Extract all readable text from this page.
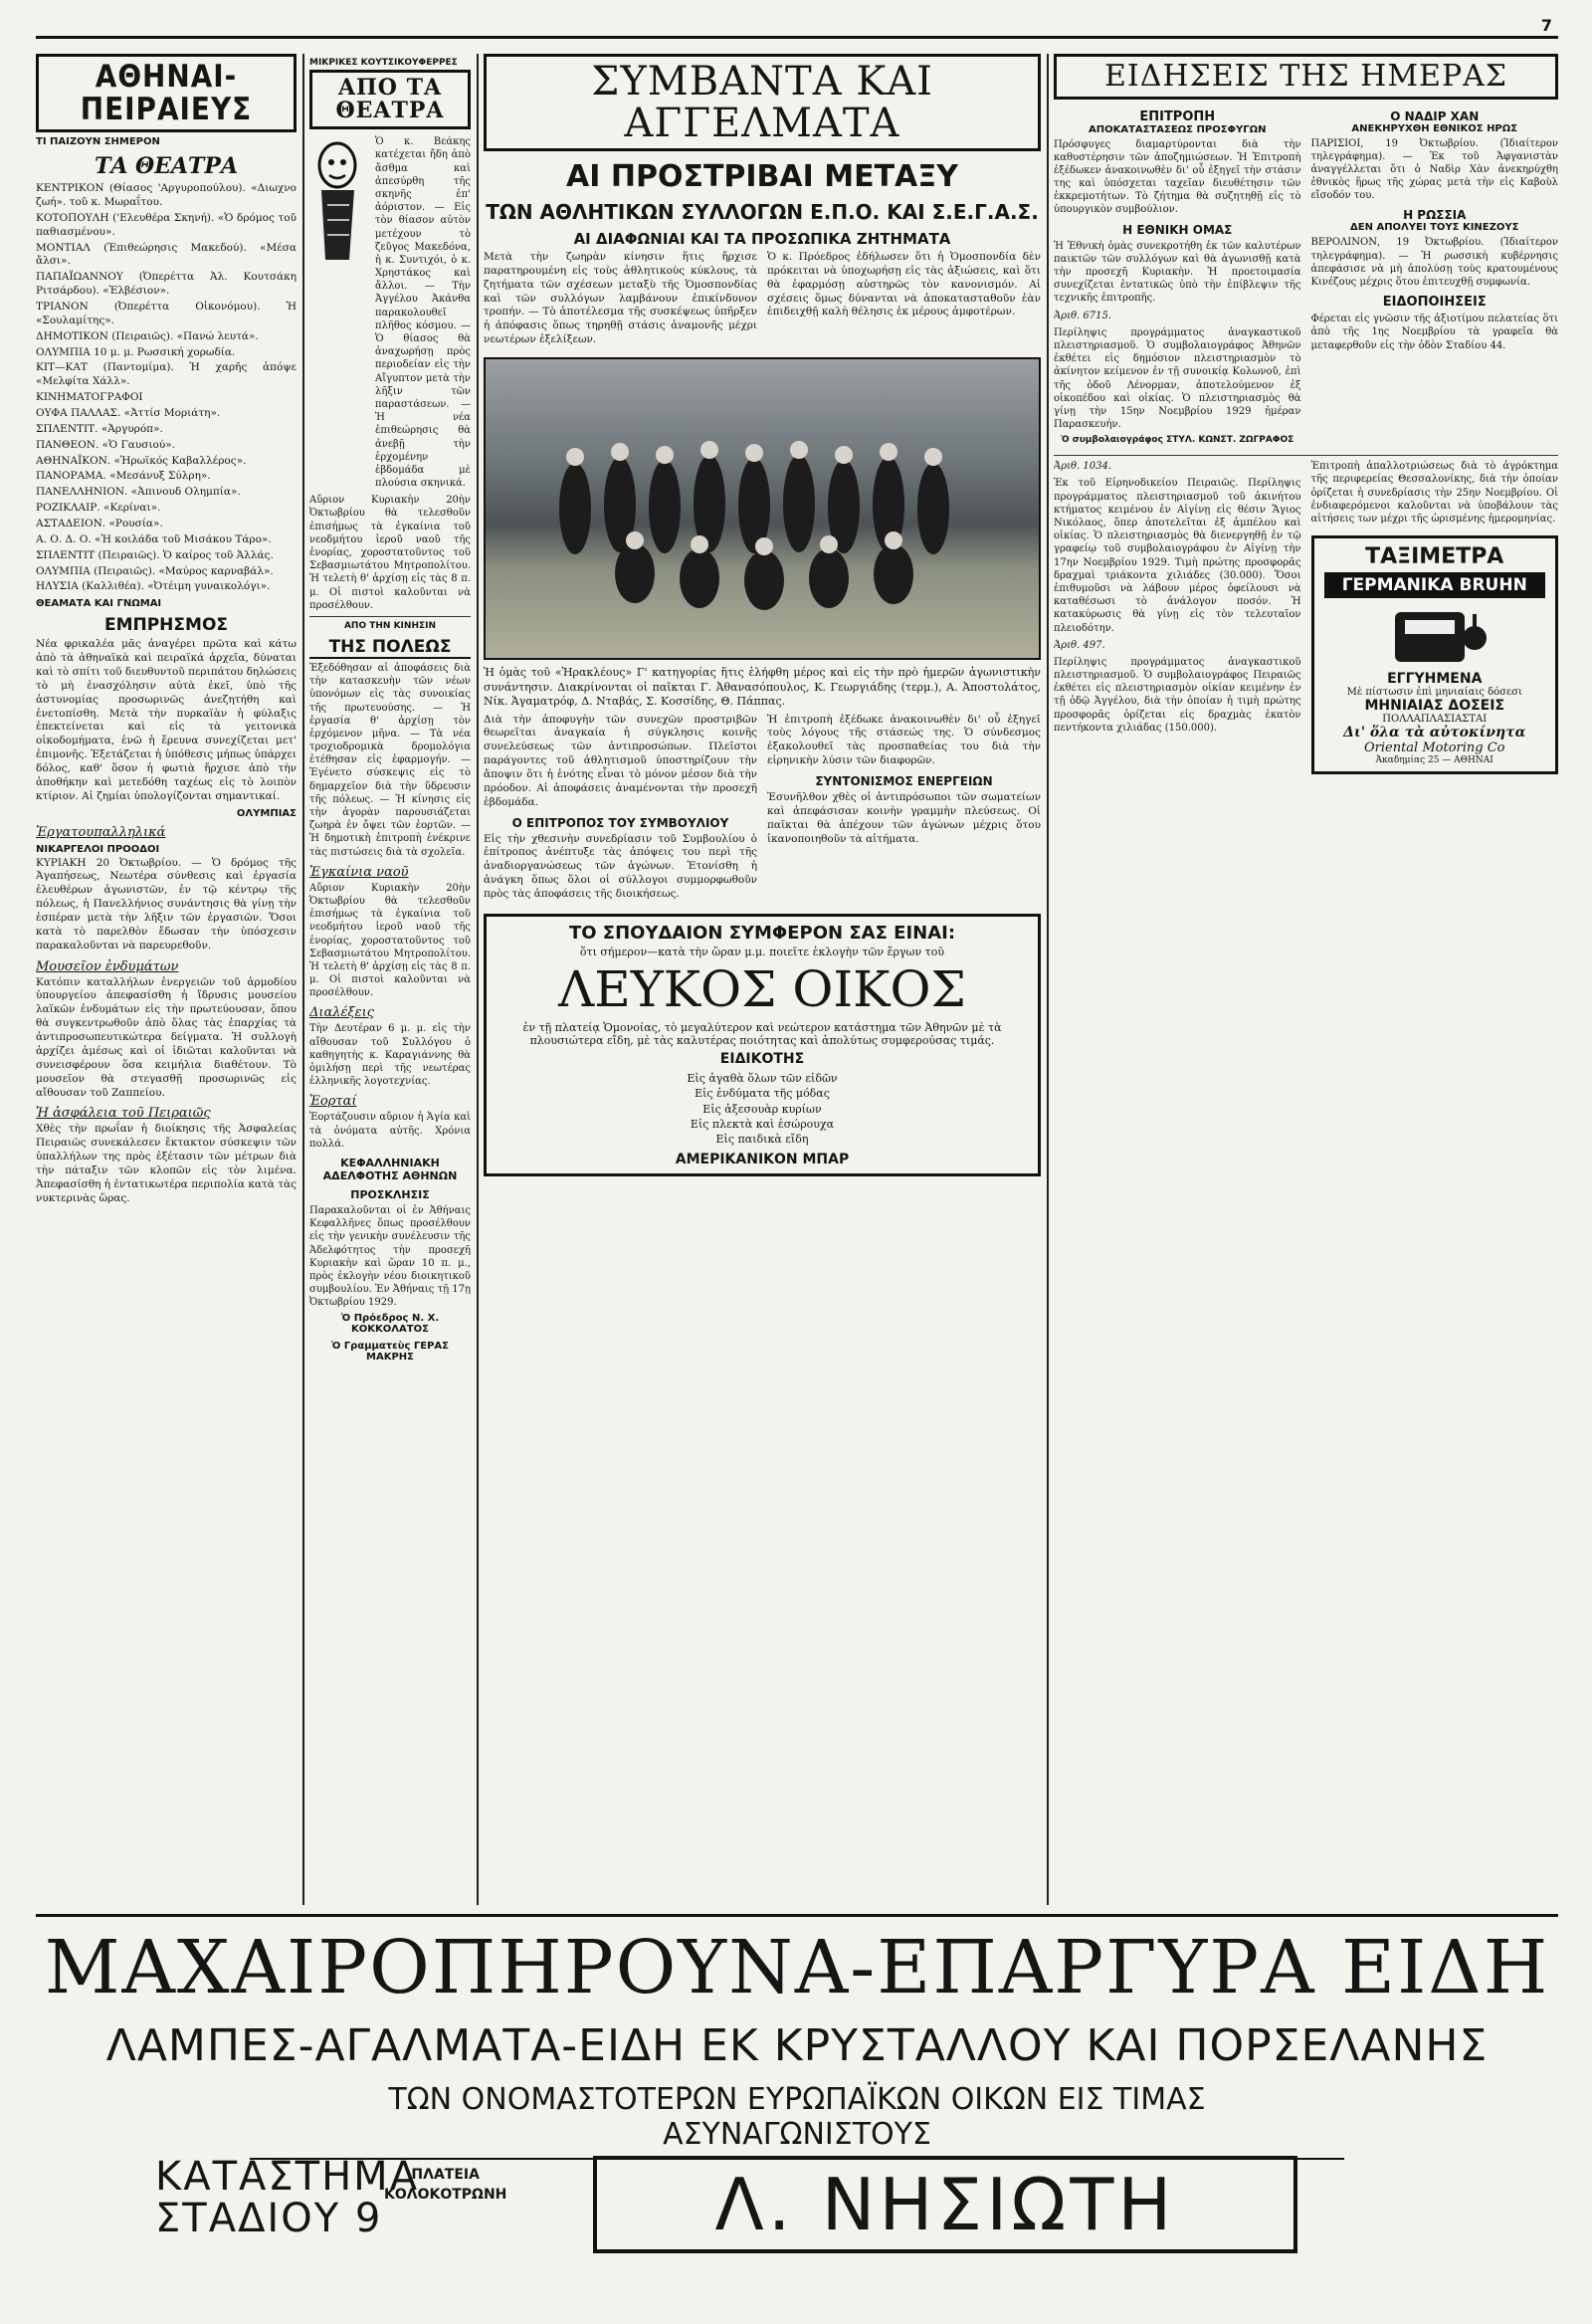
7
ΑΘΗΝΑΙ-ΠΕΙΡΑΙΕΥΣ
ΤΙ ΠΑΙΖΟΥΝ ΣΗΜΕΡΟΝ
ΤΑ ΘΕΑΤΡΑ
ΚΕΝΤΡΙΚΟΝ (Θίασος 'Αργυροπούλου). «Διωχνο ζωή». τοῦ κ. Μωραΐτου.
ΚΟΤΟΠΟΥΛΗ ('Ελευθέρα Σκηνή). «Ὁ δρόμος τοῦ παθιασμένου».
ΜΟΝΤΙΑΛ (Ἐπιθεώρησις Μακεδού). «Μέσα ἄλσι».
ΠΑΠΑΪΩΑΝΝΟΥ (Ὀπερέττα Ἀλ. Κουτσάκη Ριτσάρδου). «Ἑλβέσιον».
ΤΡΙΑΝΟΝ (Ὀπερέττα Οἰκονόμου). Ἡ «Σουλαμίτης».
ΔΗΜΟΤΙΚΟΝ (Πειραιῶς). «Πανώ λευτά».
ΟΛΥΜΠΙΑ 10 μ. μ. Ρωσσική χορωδία.
ΚΙΤ—ΚΑΤ (Παντομίμα). Ἡ χαρῆς ἀπόψε «Μελφίτα Χάλλ».
ΚΙΝΗΜΑΤΟΓΡΑΦΟΙ
ΟΥΦΑ ΠΑΛΛΑΣ. «Ἀττίσ Μοριάτη».
ΣΠΛΕΝΤΙΤ. «Ἀργυρόπ».
ΠΑΝΘΕΟΝ. «Ὁ Γαυσιού».
ΑΘΗΝΑΪΚΟΝ. «Ἡρωϊκός Καβαλλέρος».
ΠΑΝΟΡΑΜΑ. «Μεσάνυξ Σύλρη».
ΠΑΝΕΛΛΗΝΙΟΝ. «Ἀπινουδ Ολημπία».
ΡΟΖΙΚΛΑΙΡ. «Κερίναι».
ΑΣΤΑΔΕΙΟΝ. «Ρουσία».
Α. Ο. Δ. Ο. «Ἡ κοιλάδα τοῦ Μισάκου Τάρο».
ΣΠΛΕΝΤΙΤ (Πειραιῶς). Ὁ καίρος τοῦ Ἀλλάς.
ΟΛΥΜΠΙΑ (Πειραιῶς). «Μαύρος καρναβάλ».
ΗΛΥΣΙΑ (Καλλιθέα). «Ὀτέιμη γυναικολόγι».
ΘΕΑΜΑΤΑ ΚΑΙ ΓΝΩΜΑΙ
ΕΜΠΡΗΣΜΟΣ
Νέα φρικαλέα μᾶς ἀναγέρει πρῶτα καὶ κάτω ἀπὸ τὰ ἀθηναϊκὰ καὶ πειραϊκά ἀρχεῖα, δύναται καὶ τὸ σπίτι τοῦ διευθυντοῦ περιπάτου δηλώσεις τὸ μὴ ἐνασχόλησιν αὐτὰ ἐκεῖ, ὑπὸ τῆς ἀστυνομίας προσωρινῶς ἀνεζητήθη καὶ ἐνετοπίσθη. Μετὰ τὴν πυρκαϊὰν ἡ φύλαξις ἐπεκτείνεται καὶ εἰς τὰ γειτονικὰ οἰκοδομήματα, ἐνῶ ἡ ἔρευνα συνεχίζεται μετ' ἐπιμονῆς. Ἐξετάζεται ἡ ὑπόθεσις μήπως ὑπάρχει δόλος, καθ' ὅσον ἡ φωτιὰ ἤρχισε ἀπὸ τὴν ἀποθήκην καὶ μετεδόθη ταχέως εἰς τὸ λοιπὸν κτίριον. Αἱ ζημίαι ὑπολογίζονται σημαντικαί.
ΟΛΥΜΠΙΑΣ
Ἐργατουπαλληλικά
ΝΙΚΑΡΓΕΛΟΙ ΠΡΟΟΔΟΙ
ΚΥΡΙΑΚΗ 20 Ὀκτωβρίου. — Ὁ δρόμος τῆς Ἀγαπήσεως, Νεωτέρα σύνθεσις καὶ ἐργασία ἐλευθέρων ἀγωνιστῶν, ἐν τῷ κέντρῳ τῆς πόλεως, ἡ Πανελλήνιος συνάντησις θὰ γίνῃ τὴν ἑσπέραν μετὰ τὴν λῆξιν τῶν ἐργασιῶν. Ὅσοι κατὰ τὸ παρελθὸν ἔδωσαν τὴν ὑπόσχεσιν παρακαλοῦνται νὰ παρευρεθοῦν.
Μουσεῖον ἐνδυμάτων
Κατόπιν καταλλήλων ἐνεργειῶν τοῦ ἁρμοδίου ὑπουργείου ἀπεφασίσθη ἡ ἵδρυσις μουσείου λαϊκῶν ἐνδυμάτων εἰς τὴν πρωτεύουσαν, ὅπου θὰ συγκεντρωθοῦν ἀπὸ ὅλας τὰς ἐπαρχίας τὰ ἀντιπροσωπευτικώτερα δείγματα. Ἡ συλλογὴ ἀρχίζει ἀμέσως καὶ οἱ ἰδιῶται καλοῦνται νὰ συνεισφέρουν ὅσα κειμήλια διαθέτουν. Τὸ μουσεῖον θὰ στεγασθῇ προσωρινῶς εἰς αἴθουσαν τοῦ Ζαππείου.
Ἡ ἀσφάλεια τοῦ Πειραιῶς
Χθὲς τὴν πρωΐαν ἡ διοίκησις τῆς Ἀσφαλείας Πειραιῶς συνεκάλεσεν ἔκτακτον σύσκεψιν τῶν ὑπαλλήλων της πρὸς ἐξέτασιν τῶν μέτρων διὰ τὴν πάταξιν τῶν κλοπῶν εἰς τὸν λιμένα. Ἀπεφασίσθη ἡ ἐντατικωτέρα περιπολία κατὰ τὰς νυκτερινὰς ὥρας.
ΜΙΚΡΙΚΕΣ ΚΟΥΤΣΙΚΟΥΦΕΡΡΕΣ
ΑΠΟ ΤΑ ΘΕΑΤΡΑ
Ὁ κ. Βεάκης κατέχεται ἤδη ἀπὸ ἄσθμα καὶ ἀπεσύρθη τῆς σκηνῆς ἐπ' ἀόριστον. — Εἰς τὸν θίασον αὐτὸν μετέχουν τὸ ζεῦγος Μακεδόνα, ἡ κ. Συντιχόι, ὁ κ. Χρηστάκος καὶ ἄλλοι. — Τὴν Ἀγγέλου Ἀκάνθα παρακολουθεῖ πλῆθος κόσμου. — Ὁ θίασος θὰ ἀναχωρήσῃ πρὸς περιοδείαν εἰς τὴν Αἴγυπτον μετὰ τὴν λῆξιν τῶν παραστάσεων. — Ἡ νέα ἐπιθεώρησις θὰ ἀνεβῇ τὴν ἐρχομένην ἑβδομάδα μὲ πλούσια σκηνικά.
Αὔριον Κυριακὴν 20ὴν Ὀκτωβρίου θὰ τελεσθοῦν ἐπισήμως τὰ ἐγκαίνια τοῦ νεοδμήτου ἱεροῦ ναοῦ τῆς ἐνορίας, χοροστατοῦντος τοῦ Σεβασμιωτάτου Μητροπολίτου. Ἡ τελετὴ θ' ἀρχίσῃ εἰς τὰς 8 π. μ. Οἱ πιστοὶ καλοῦνται νὰ προσέλθουν.
ΑΠΟ ΤΗΝ ΚΙΝΗΣΙΝ
ΤΗΣ ΠΟΛΕΩΣ
Ἐξεδόθησαν αἱ ἀποφάσεις διὰ τὴν κατασκευὴν τῶν νέων ὑπονόμων εἰς τὰς συνοικίας τῆς πρωτευούσης. — Ἡ ἐργασία θ' ἀρχίσῃ τὸν ἐρχόμενον μῆνα. — Τὰ νέα τροχιοδρομικὰ δρομολόγια ἐτέθησαν εἰς ἐφαρμογήν. — Ἐγένετο σύσκεψις εἰς τὸ δημαρχεῖον διὰ τὴν ὕδρευσιν τῆς πόλεως. — Ἡ κίνησις εἰς τὴν ἀγορὰν παρουσιάζεται ζωηρὰ ἐν ὄψει τῶν ἑορτῶν. — Ἡ δημοτικὴ ἐπιτροπὴ ἐνέκρινε τὰς πιστώσεις διὰ τὰ σχολεῖα.
Ἐγκαίνια ναοῦ
Αὔριον Κυριακὴν 20ὴν Ὀκτωβρίου θὰ τελεσθοῦν ἐπισήμως τὰ ἐγκαίνια τοῦ νεοδμήτου ἱεροῦ ναοῦ τῆς ἐνορίας, χοροστατοῦντος τοῦ Σεβασμιωτάτου Μητροπολίτου. Ἡ τελετὴ θ' ἀρχίσῃ εἰς τὰς 8 π. μ. Οἱ πιστοὶ καλοῦνται νὰ προσέλθουν.
Διαλέξεις
Τὴν Δευτέραν 6 μ. μ. εἰς τὴν αἴθουσαν τοῦ Συλλόγου ὁ καθηγητὴς κ. Καραγιάννης θὰ ὁμιλήσῃ περὶ τῆς νεωτέρας ἑλληνικῆς λογοτεχνίας.
Ἑορταί
Ἑορτάζουσιν αὔριον ἡ Ἁγία καὶ τὰ ὀνόματα αὐτῆς. Χρόνια πολλά.
ΚΕΦΑΛΛΗΝΙΑΚΗ ΑΔΕΛΦΟΤΗΣ ΑΘΗΝΩΝ
ΠΡΟΣΚΛΗΣΙΣ
Παρακαλοῦνται οἱ ἐν Ἀθήναις Κεφαλλῆνες ὅπως προσέλθουν εἰς τὴν γενικὴν συνέλευσιν τῆς Ἀδελφότητος τὴν προσεχῆ Κυριακὴν καὶ ὥραν 10 π. μ., πρὸς ἐκλογὴν νέου διοικητικοῦ συμβουλίου. Ἐν Ἀθήναις τῇ 17ῃ Ὀκτωβρίου 1929.
Ὁ Πρόεδρος Ν. Χ. ΚΟΚΚΟΛΑΤΟΣ
Ὁ Γραμματεὺς ΓΕΡΑΣ ΜΑΚΡΗΣ
ΣΥΜΒΑΝΤΑ ΚΑΙ ΑΓΓΕΛΜΑΤΑ
ΑΙ ΠΡΟΣΤΡΙΒΑΙ ΜΕΤΑΞΥ
ΤΩΝ ΑΘΛΗΤΙΚΩΝ ΣΥΛΛΟΓΩΝ Ε.Π.Ο. ΚΑΙ Σ.Ε.Γ.Α.Σ.
ΑΙ ΔΙΑΦΩΝΙΑΙ ΚΑΙ ΤΑ ΠΡΟΣΩΠΙΚΑ ΖΗΤΗΜΑΤΑ
Μετὰ τὴν ζωηρὰν κίνησιν ἥτις ἤρχισε παρατηρουμένη εἰς τοὺς ἀθλητικοὺς κύκλους, τὰ ζητήματα τῶν σχέσεων μεταξὺ τῆς Ὁμοσπονδίας καὶ τῶν συλλόγων λαμβάνουν ἐπικίνδυνον τροπήν. — Τὸ ἀποτέλεσμα τῆς συσκέψεως ὑπῆρξεν ἡ ἀπόφασις ὅπως τηρηθῇ στάσις ἀναμονῆς μέχρι νεωτέρων ἐξελίξεων.
Ὁ κ. Πρόεδρος ἐδήλωσεν ὅτι ἡ Ὁμοσπονδία δὲν πρόκειται νὰ ὑποχωρήσῃ εἰς τὰς ἀξιώσεις, καὶ ὅτι θὰ ἐφαρμόσῃ αὐστηρῶς τὸν κανονισμόν. Αἱ σχέσεις ὅμως δύνανται νὰ ἀποκατασταθοῦν ἐὰν ἐπιδειχθῇ καλὴ θέλησις ἐκ μέρους ἀμφοτέρων.
Ἡ ὁμὰς τοῦ «Ἡρακλέους» Γ' κατηγορίας ἥτις ἐλήφθη μέρος καὶ εἰς τὴν πρὸ ἡμερῶν ἀγωνιστικὴν συνάντησιν. Διακρίνονται οἱ παῖκται Γ. Ἀθανασόπουλος, Κ. Γεωργιάδης (τερμ.), Α. Ἀποστολάτος, Νίκ. Ἀγαματρόφ, Δ. Νταβάς, Σ. Κοσσίδης, Θ. Πάππας.
Διὰ τὴν ἀποφυγὴν τῶν συνεχῶν προστριβῶν θεωρεῖται ἀναγκαία ἡ σύγκλησις κοινῆς συνελεύσεως τῶν ἀντιπροσώπων. Πλεῖστοι παράγοντες τοῦ ἀθλητισμοῦ ὑποστηρίζουν τὴν ἄποψιν ὅτι ἡ ἑνότης εἶναι τὸ μόνον μέσον διὰ τὴν πρόοδον. Αἱ ἀποφάσεις ἀναμένονται τὴν προσεχῆ ἑβδομάδα.
Ο ΕΠΙΤΡΟΠΟΣ ΤΟΥ ΣΥΜΒΟΥΛΙΟΥ
Εἰς τὴν χθεσινὴν συνεδρίασιν τοῦ Συμβουλίου ὁ ἐπίτροπος ἀνέπτυξε τὰς ἀπόψεις του περὶ τῆς ἀναδιοργανώσεως τῶν ἀγώνων. Ἐτονίσθη ἡ ἀνάγκη ὅπως ὅλοι οἱ σύλλογοι συμμορφωθοῦν πρὸς τὰς ἀποφάσεις τῆς διοικήσεως.
Ἡ ἐπιτροπὴ ἐξέδωκε ἀνακοινωθὲν δι' οὗ ἐξηγεῖ τοὺς λόγους τῆς στάσεώς της. Ὁ σύνδεσμος ἐξακολουθεῖ τὰς προσπαθείας του διὰ τὴν εἰρηνικὴν λύσιν τῶν διαφορῶν.
ΣΥΝΤΟΝΙΣΜΟΣ ΕΝΕΡΓΕΙΩΝ
Ἐσυνῆλθον χθὲς οἱ ἀντιπρόσωποι τῶν σωματείων καὶ ἀπεφάσισαν κοινὴν γραμμὴν πλεύσεως. Οἱ παῖκται θὰ ἀπέχουν τῶν ἀγώνων μέχρις ὅτου ἱκανοποιηθοῦν τὰ αἰτήματα.
ΤΟ ΣΠΟΥΔΑΙΟΝ ΣΥΜΦΕΡΟΝ ΣΑΣ ΕΙΝΑΙ:
ὅτι σήμερον—κατὰ τὴν ὥραν μ.μ. ποιεῖτε ἐκλογὴν τῶν ἔργων τοῦ
ΛΕΥΚΟΣ ΟΙΚΟΣ
ἐν τῇ πλατείᾳ Ὁμονοίας, τὸ μεγαλύτερον καὶ νεώτερον κατάστημα τῶν Ἀθηνῶν μὲ τὰ πλουσιώτερα εἴδη, μὲ τὰς καλυτέρας ποιότητας καὶ ἀπολύτως συμφερούσας τιμάς.
ΕΙΔΙΚΟΤΗΣ
Εἰς ἀγαθὰ ὅλων τῶν εἰδῶν
Εἰς ἐνδύματα τῆς μόδας
Εἰς ἀξεσουὰρ κυρίων
Εἰς πλεκτὰ καὶ ἐσώρουχα
Εἰς παιδικὰ εἴδη
ΑΜΕΡΙΚΑΝΙΚΟΝ ΜΠΑΡ
ΕΙΔΗΣΕΙΣ ΤΗΣ ΗΜΕΡΑΣ
ΕΠΙΤΡΟΠΗ
ΑΠΟΚΑΤΑΣΤΑΣΕΩΣ ΠΡΟΣΦΥΓΩΝ
Πρόσφυγες διαμαρτύρονται διὰ τὴν καθυστέρησιν τῶν ἀποζημιώσεων. Ἡ Ἐπιτροπὴ ἐξέδωκεν ἀνακοινωθὲν δι' οὗ ἐξηγεῖ τὴν στάσιν της καὶ ὑπόσχεται ταχεῖαν διευθέτησιν τῶν ἐκκρεμοτήτων. Τὸ ζήτημα θὰ συζητηθῇ εἰς τὸ ὑπουργικὸν συμβούλιον.
Η ΕΘΝΙΚΗ ΟΜΑΣ
Ἡ Ἐθνικὴ ὁμὰς συνεκροτήθη ἐκ τῶν καλυτέρων παικτῶν τῶν συλλόγων καὶ θὰ ἀγωνισθῇ κατὰ τὴν προσεχῆ Κυριακὴν. Ἡ προετοιμασία συνεχίζεται ἐντατικῶς ὑπὸ τὴν ἐπίβλεψιν τῆς τεχνικῆς ἐπιτροπῆς.
Ἀριθ. 6715.
Περίληψις προγράμματος ἀναγκαστικοῦ πλειστηριασμοῦ. Ὁ συμβολαιογράφος Ἀθηνῶν ἐκθέτει εἰς δημόσιον πλειστηριασμὸν τὸ ἀκίνητον κείμενον ἐν τῇ συνοικίᾳ Κολωνοῦ, ἐπὶ τῆς ὁδοῦ Λένορμαν, ἀποτελούμενον ἐξ οἰκοπέδου καὶ οἰκίας. Ὁ πλειστηριασμὸς θὰ γίνῃ τὴν 15ην Νοεμβρίου 1929 ἡμέραν Παρασκευήν.
Ὁ συμβολαιογράφος ΣΤΥΛ. ΚΩΝΣΤ. ΖΩΓΡΑΦΟΣ
Ο ΝΑΔΙΡ ΧΑΝ
ΑΝΕΚΗΡΥΧΘΗ ΕΘΝΙΚΟΣ ΗΡΩΣ
ΠΑΡΙΣΙΟΙ, 19 Ὀκτωβρίου. (Ἰδιαίτερον τηλεγράφημα). — Ἐκ τοῦ Ἀφγανιστὰν ἀναγγέλλεται ὅτι ὁ Ναδὶρ Χὰν ἀνεκηρύχθη ἐθνικὸς ἥρως τῆς χώρας μετὰ τὴν εἰς Καβοὺλ εἴσοδόν του.
Η ΡΩΣΣΙΑ
ΔΕΝ ΑΠΟΛΥΕΙ ΤΟΥΣ ΚΙΝΕΖΟΥΣ
ΒΕΡΟΛΙΝΟΝ, 19 Ὀκτωβρίου. (Ἰδιαίτερον τηλεγράφημα). — Ἡ ρωσσικὴ κυβέρνησις ἀπεφάσισε νὰ μὴ ἀπολύσῃ τοὺς κρατουμένους Κινέζους μέχρις ὅτου ἐπιτευχθῇ συμφωνία.
ΕΙΔΟΠΟΙΗΣΕΙΣ
Φέρεται εἰς γνῶσιν τῆς ἀξιοτίμου πελατείας ὅτι ἀπὸ τῆς 1ης Νοεμβρίου τὰ γραφεῖα θὰ μεταφερθοῦν εἰς τὴν ὁδὸν Σταδίου 44.
Ἀριθ. 1034.
Ἐκ τοῦ Εἰρηνοδικείου Πειραιῶς. Περίληψις προγράμματος πλειστηριασμοῦ τοῦ ἀκινήτου κτήματος κειμένου ἐν Αἰγίνῃ εἰς θέσιν Ἅγιος Νικόλαος, ὅπερ ἀποτελεῖται ἐξ ἀμπέλου καὶ οἰκίας. Ὁ πλειστηριασμὸς θὰ διενεργηθῇ ἐν τῷ γραφείῳ τοῦ συμβολαιογράφου ἐν Αἰγίνῃ τὴν 17ην Νοεμβρίου 1929. Τιμὴ πρώτης προσφορᾶς δραχμαὶ τριάκοντα χιλιάδες (30.000). Ὅσοι ἐπιθυμοῦσι νὰ λάβουν μέρος ὀφείλουσι νὰ καταθέσωσι τὸ ἀνάλογον ποσόν. Ἡ κατακύρωσις θὰ γίνῃ εἰς τὸν τελευταῖον πλειοδότην.
Ἀριθ. 497.
Περίληψις προγράμματος ἀναγκαστικοῦ πλειστηριασμοῦ. Ὁ συμβολαιογράφος Πειραιῶς ἐκθέτει εἰς πλειστηριασμὸν οἰκίαν κειμένην ἐν τῇ ὁδῷ Ἀγγέλου, διὰ τὴν ὁποίαν ἡ τιμὴ πρώτης προσφορᾶς ὁρίζεται εἰς δραχμὰς ἑκατὸν πεντήκοντα χιλιάδας (150.000).
Ἐπιτροπὴ ἀπαλλοτριώσεως διὰ τὸ ἀγρόκτημα τῆς περιφερείας Θεσσαλονίκης, διὰ τὴν ὁποίαν ὁρίζεται ἡ συνεδρίασις τὴν 25ην Νοεμβρίου. Οἱ ἐνδιαφερόμενοι καλοῦνται νὰ ὑποβάλουν τὰς αἰτήσεις των μέχρι τῆς ὡρισμένης ἡμερομηνίας.
ΤΑΞΙΜΕΤΡΑ
ΓΕΡΜΑΝΙΚΑ BRUHN
ΕΓΓΥΗΜΕΝΑ
Μὲ πίστωσιν ἐπὶ μηνιαίαις δόσεσι
ΜΗΝΙΑΙΑΣ ΔΟΣΕΙΣ
ΠΟΛΛΑΠΛΑΣΙΑΣΤΑΙ
Δι' ὅλα τὰ αὐτοκίνητα
Oriental Motoring Co
Ἀκαδημίας 25 — ΑΘΗΝΑΙ
ΜΑΧΑΙΡΟΠΗΡΟΥΝΑ-ΕΠΑΡΓΥΡΑ ΕΙΔΗ
ΛΑΜΠΕΣ-ΑΓΑΛΜΑΤΑ-ΕΙΔΗ ΕΚ ΚΡΥΣΤΑΛΛΟΥ ΚΑΙ ΠΟΡΣΕΛΑΝΗΣ
ΤΩΝ ΟΝΟΜΑΣΤΟΤΕΡΩΝ ΕΥΡΩΠΑΪΚΩΝ ΟΙΚΩΝ ΕΙΣ ΤΙΜΑΣ ΑΣΥΝΑΓΩΝΙΣΤΟΥΣ
ΚΑΤΑΣΤΗΜΑ
ΣΤΑΔΙΟΥ 9
ΠΛΑΤΕΙΑ
ΚΟΛΟΚΟΤΡΩΝΗ	Λ. ΝΗΣΙΩΤΗ
